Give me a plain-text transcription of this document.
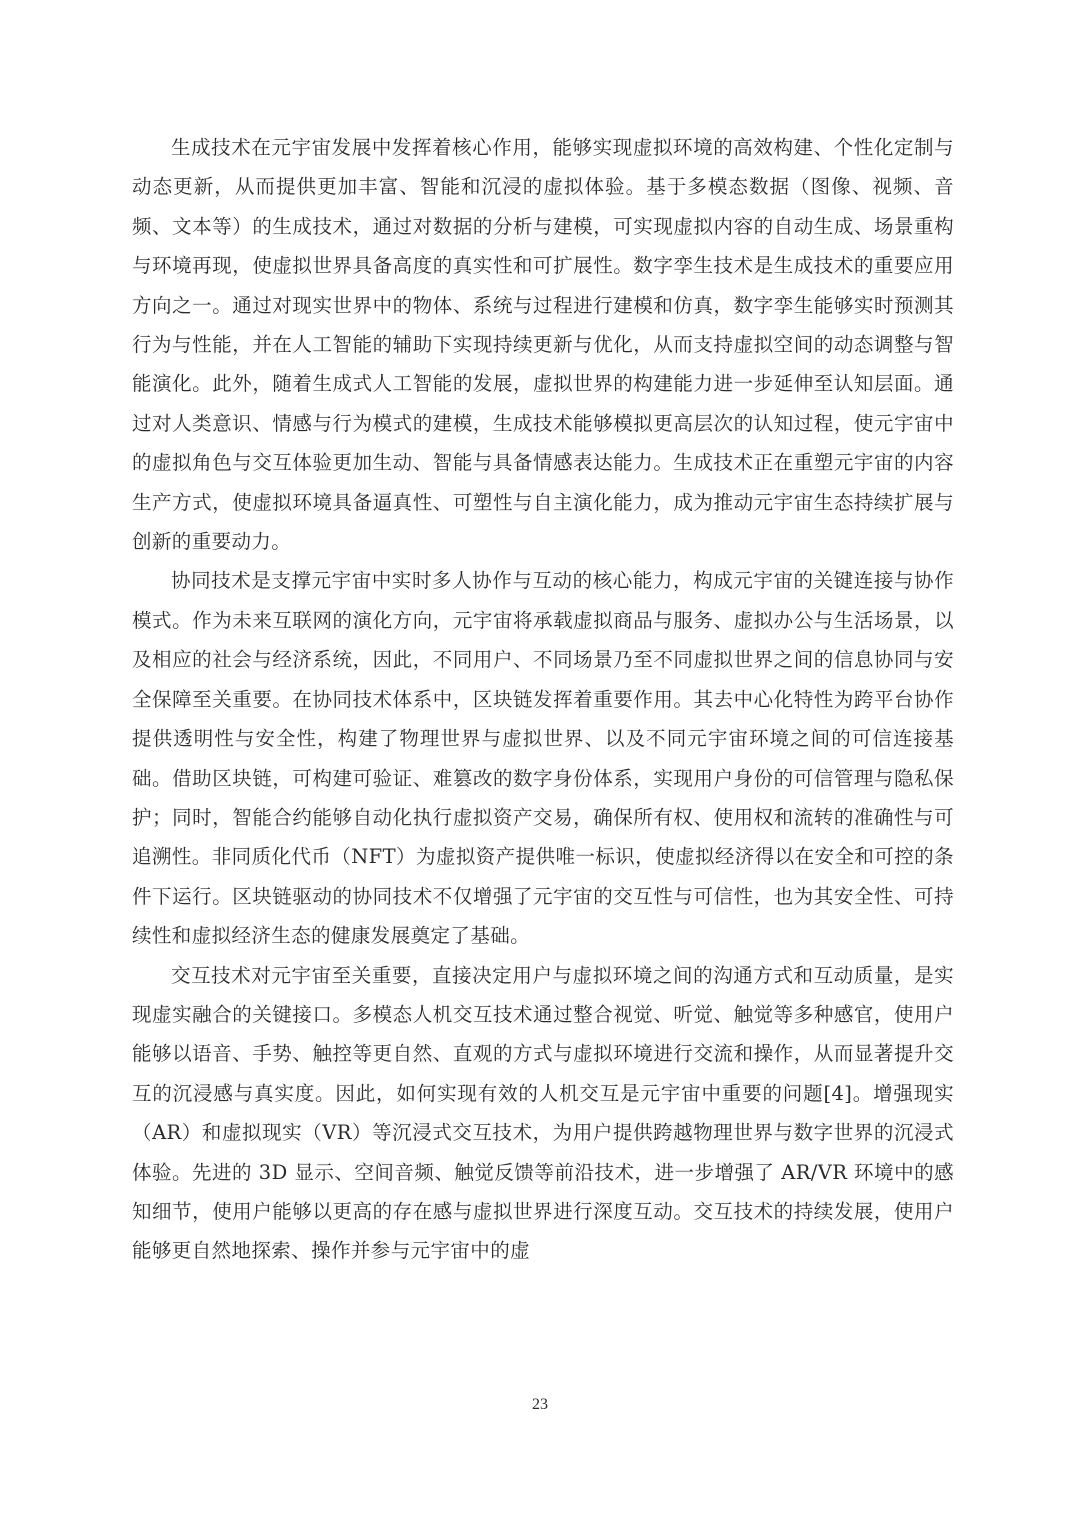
生成技术在元宇宙发展中发挥着核心作用，能够实现虚拟环境的高效构建、个性化定制与动态更新，从而提供更加丰富、智能和沉浸的虚拟体验。基于多模态数据（图像、视频、音频、文本等）的生成技术，通过对数据的分析与建模，可实现虚拟内容的自动生成、场景重构与环境再现，使虚拟世界具备高度的真实性和可扩展性。数字孪生技术是生成技术的重要应用方向之一。通过对现实世界中的物体、系统与过程进行建模和仿真，数字孪生能够实时预测其行为与性能，并在人工智能的辅助下实现持续更新与优化，从而支持虚拟空间的动态调整与智能演化。此外，随着生成式人工智能的发展，虚拟世界的构建能力进一步延伸至认知层面。通过对人类意识、情感与行为模式的建模，生成技术能够模拟更高层次的认知过程，使元宇宙中的虚拟角色与交互体验更加生动、智能与具备情感表达能力。生成技术正在重塑元宇宙的内容生产方式，使虚拟环境具备逼真性、可塑性与自主演化能力，成为推动元宇宙生态持续扩展与创新的重要动力。

协同技术是支撑元宇宙中实时多人协作与互动的核心能力，构成元宇宙的关键连接与协作模式。作为未来互联网的演化方向，元宇宙将承载虚拟商品与服务、虚拟办公与生活场景，以及相应的社会与经济系统，因此，不同用户、不同场景乃至不同虚拟世界之间的信息协同与安全保障至关重要。在协同技术体系中，区块链发挥着重要作用。其去中心化特性为跨平台协作提供透明性与安全性，构建了物理世界与虚拟世界、以及不同元宇宙环境之间的可信连接基础。借助区块链，可构建可验证、难篡改的数字身份体系，实现用户身份的可信管理与隐私保护；同时，智能合约能够自动化执行虚拟资产交易，确保所有权、使用权和流转的准确性与可追溯性。非同质化代币（NFT）为虚拟资产提供唯一标识，使虚拟经济得以在安全和可控的条件下运行。区块链驱动的协同技术不仅增强了元宇宙的交互性与可信性，也为其安全性、可持续性和虚拟经济生态的健康发展奠定了基础。

交互技术对元宇宙至关重要，直接决定用户与虚拟环境之间的沟通方式和互动质量，是实现虚实融合的关键接口。多模态人机交互技术通过整合视觉、听觉、触觉等多种感官，使用户能够以语音、手势、触控等更自然、直观的方式与虚拟环境进行交流和操作，从而显著提升交互的沉浸感与真实度。因此，如何实现有效的人机交互是元宇宙中重要的问题[4]。增强现实（AR）和虚拟现实（VR）等沉浸式交互技术，为用户提供跨越物理世界与数字世界的沉浸式体验。先进的 3D 显示、空间音频、触觉反馈等前沿技术，进一步增强了 AR/VR 环境中的感知细节，使用户能够以更高的存在感与虚拟世界进行深度互动。交互技术的持续发展，使用户能够更自然地探索、操作并参与元宇宙中的虚

23
